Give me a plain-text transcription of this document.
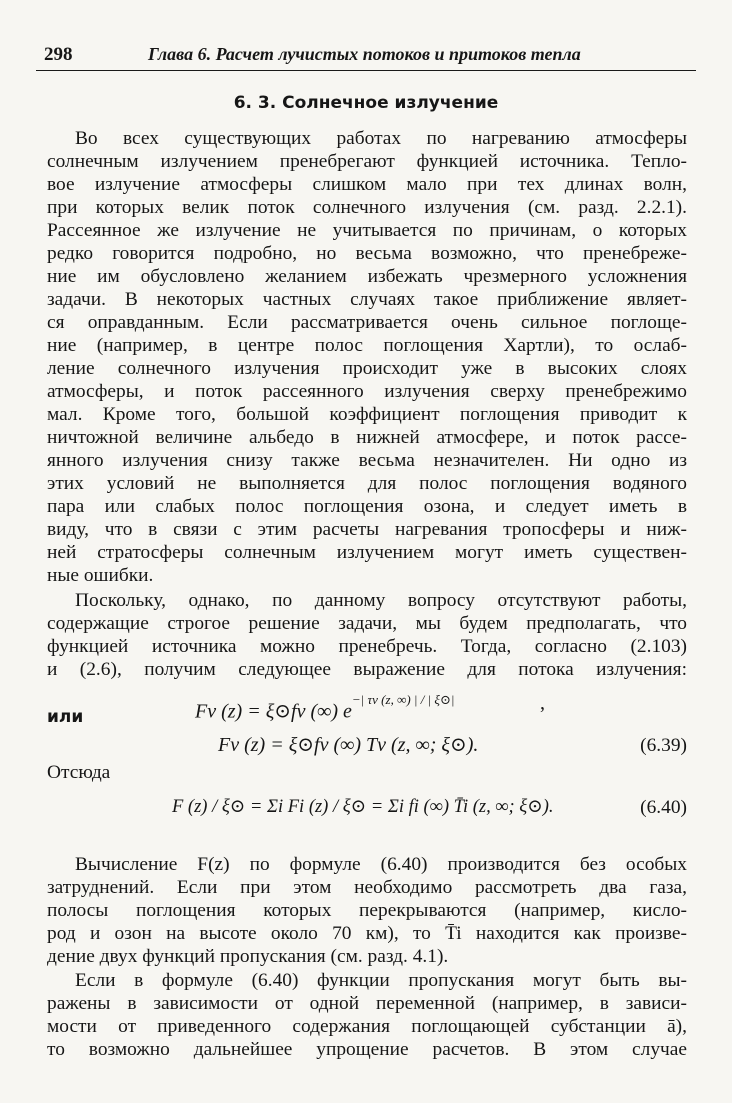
298	Глава 6. Расчет лучистых потоков и притоков тепла
6. 3. Солнечное излучение
Во всех существующих работах по нагреванию атмосферы
солнечным излучением пренебрегают функцией источника. Тепло-
вое излучение атмосферы слишком мало при тех длинах волн,
при которых велик поток солнечного излучения (см. разд. 2.2.1).
Рассеянное же излучение не учитывается по причинам, о которых
редко говорится подробно, но весьма возможно, что пренебреже-
ние им обусловлено желанием избежать чрезмерного усложнения
задачи. В некоторых частных случаях такое приближение являет-
ся оправданным. Если рассматривается очень сильное поглоще-
ние (например, в центре полос поглощения Хартли), то ослаб-
ление солнечного излучения происходит уже в высоких слоях
атмосферы, и поток рассеянного излучения сверху пренебрежимо
мал. Кроме того, большой коэффициент поглощения приводит к
ничтожной величине альбедо в нижней атмосфере, и поток рассе-
янного излучения снизу также весьма незначителен. Ни одно из
этих условий не выполняется для полос поглощения водяного
пара или слабых полос поглощения озона, и следует иметь в
виду, что в связи с этим расчеты нагревания тропосферы и ниж-
ней стратосферы солнечным излучением могут иметь существен-
ные ошибки.
Поскольку, однако, по данному вопросу отсутствуют работы,
содержащие строгое решение задачи, мы будем предполагать, что
функцией источника можно пренебречь. Тогда, согласно (2.103)
и (2.6), получим следующее выражение для потока излучения:
Fν (z) = ξ⊙fν (∞) $e^{-| \tau\nu (z, \infty) | / | \xi⊙|}$	,
или
Fν (z) = ξ⊙fν (∞) Tν (z, ∞; ξ⊙).	(6.39)
Отсюда
F (z) / ξ⊙ = Σi Fi (z) / ξ⊙ = Σi fi (∞) T̄i (z, ∞; ξ⊙).	(6.40)
Вычисление F(z) по формуле (6.40) производится без особых
затруднений. Если при этом необходимо рассмотреть два газа,
полосы поглощения которых перекрываются (например, кисло-
род и озон на высоте около 70 км), то T̄i находится как произве-
дение двух функций пропускания (см. разд. 4.1).
Если в формуле (6.40) функции пропускания могут быть вы-
ражены в зависимости от одной переменной (например, в зависи-
мости от приведенного содержания поглощающей субстанции ā),
то возможно дальнейшее упрощение расчетов. В этом случае
